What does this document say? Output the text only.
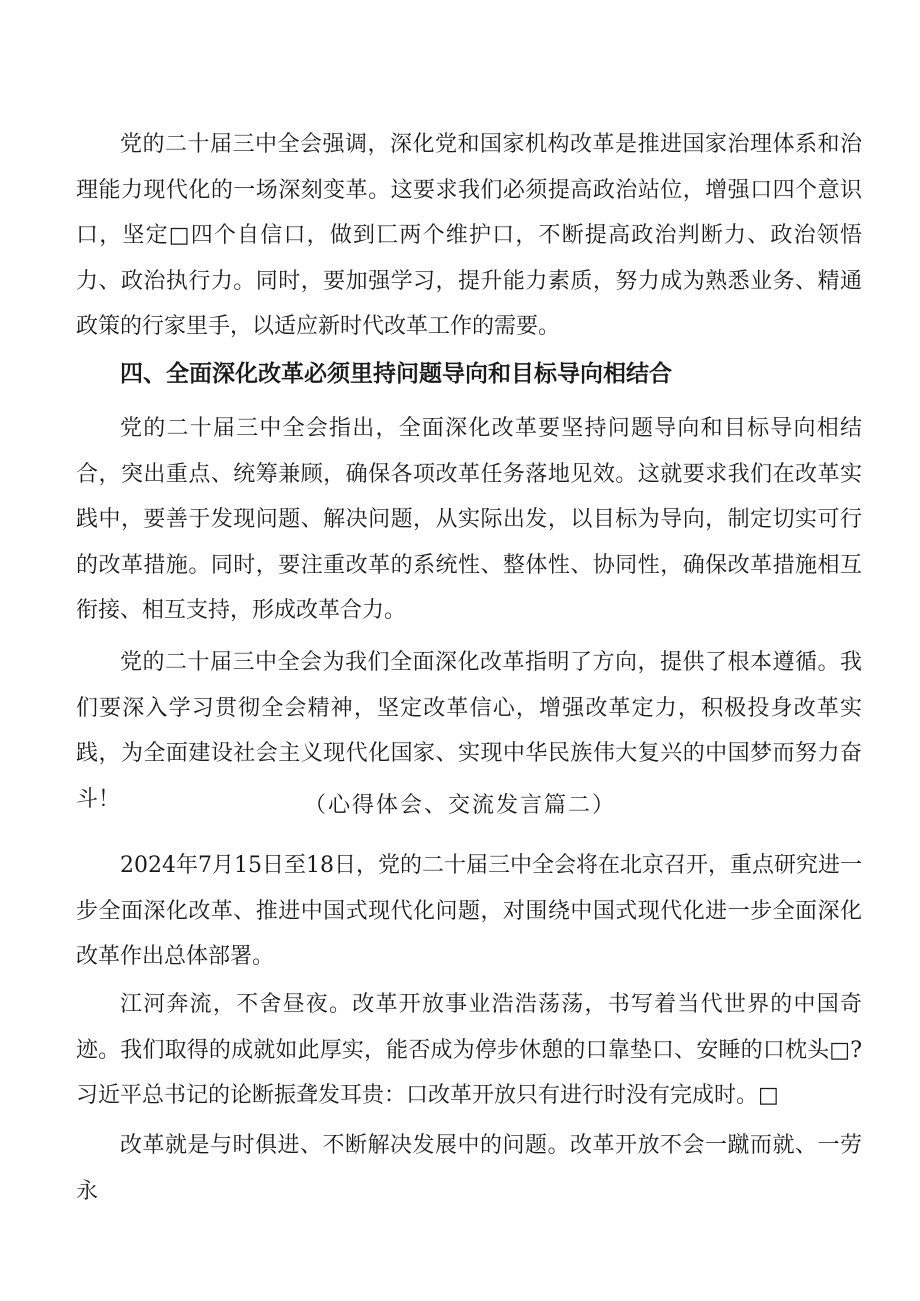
党的二十届三中全会强调，深化党和国家机构改革是推进国家治理体系和治理能力现代化的一场深刻变革。这要求我们必须提高政治站位，增强口四个意识口，坚定□四个自信口，做到匸两个维护口，不断提高政治判断力、政治领悟力、政治执行力。同时，要加强学习，提升能力素质，努力成为熟悉业务、精通政策的行家里手，以适应新时代改革工作的需要。

四、全面深化改革必须里持问题导向和目标导向相结合

党的二十届三中全会指出，全面深化改革要坚持问题导向和目标导向相结合，突出重点、统筹兼顾，确保各项改革任务落地见效。这就要求我们在改革实践中，要善于发现问题、解决问题，从实际出发，以目标为导向，制定切实可行的改革措施。同时，要注重改革的系统性、整体性、协同性，确保改革措施相互衔接、相互支持，形成改革合力。

党的二十届三中全会为我们全面深化改革指明了方向，提供了根本遵循。我们要深入学习贯彻全会精神，坚定改革信心，增强改革定力，积极投身改革实践，为全面建设社会主义现代化国家、实现中华民族伟大复兴的中国梦而努力奋斗！	（心得体会、交流发言篇二）

2024年7月15日至18日，党的二十届三中全会将在北京召开，重点研究进一步全面深化改革、推进中国式现代化问题，对围绕中国式现代化进一步全面深化改革作出总体部署。

江河奔流，不舍昼夜。改革开放事业浩浩荡荡，书写着当代世界的中国奇迹。我们取得的成就如此厚实，能否成为停步休憩的口靠垫口、安睡的口枕头□?习近平总书记的论断振聋发耳贵：口改革开放只有进行时没有完成时。□

改革就是与时俱进、不断解决发展中的问题。改革开放不会一蹴而就、一劳永
